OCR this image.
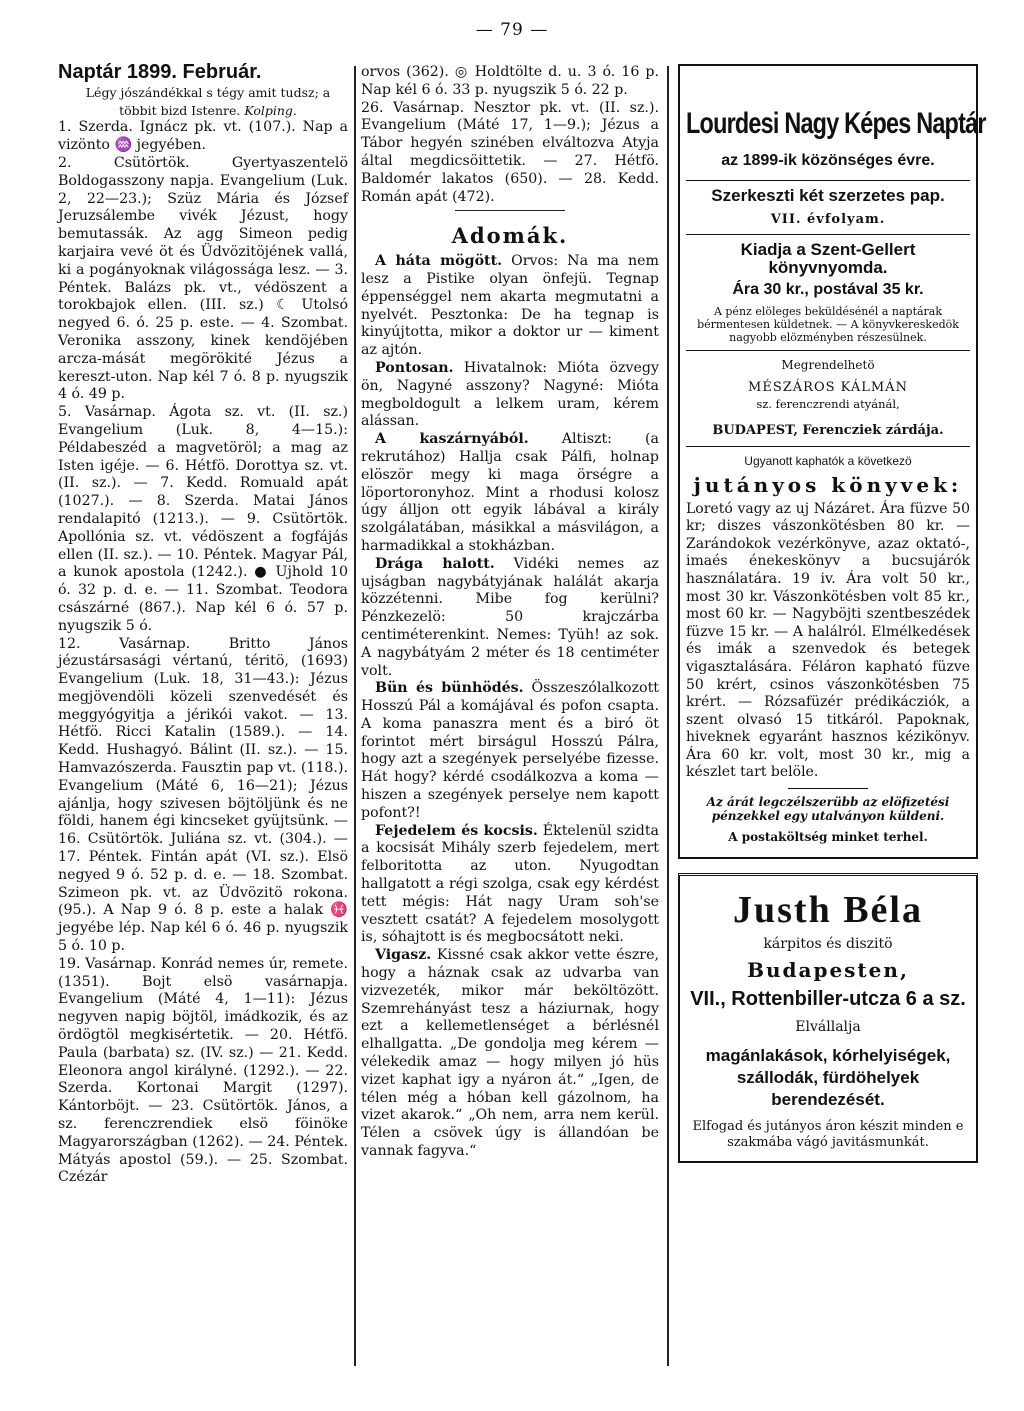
— 79 —
Naptár 1899. Február.

Légy jószándékkal s tégy amit tudsz; a többit bizd Istenre. Kolping.

1. Szerda. Ignácz pk. vt. (107.). Nap a vizönto ♒ jegyében.

2. Csütörtök. Gyertyaszentelö Boldogasszony napja. Evangelium (Luk. 2, 22—23.); Szüz Mária és József Jeruzsálembe vivék Jézust, hogy bemutassák. Az agg Simeon pedig karjaira vevé öt és Üdvözitöjének vallá, ki a pogányoknak világossága lesz. — 3. Péntek. Balázs pk. vt., védöszent a torokbajok ellen. (III. sz.) ☾ Utolsó negyed 6. ó. 25 p. este. — 4. Szombat. Veronika asszony, kinek kendöjében arcza-mását megörökité Jézus a kereszt-uton. Nap kél 7 ó. 8 p. nyugszik 4 ó. 49 p.

5. Vasárnap. Ágota sz. vt. (II. sz.) Evangelium (Luk. 8, 4—15.): Példabeszéd a magvetöröl; a mag az Isten igéje. — 6. Hétfö. Dorottya sz. vt. (II. sz.). — 7. Kedd. Romuald apát (1027.). — 8. Szerda. Matai János rendalapitó (1213.). — 9. Csütörtök. Apollónia sz. vt. védöszent a fogfájás ellen (II. sz.). — 10. Péntek. Magyar Pál, a kunok apostola (1242.). ● Ujhold 10 ó. 32 p. d. e. — 11. Szombat. Teodora császárné (867.). Nap kél 6 ó. 57 p. nyugszik 5 ó.

12. Vasárnap. Britto János jézustársasági vértanú, téritö, (1693) Evangelium (Luk. 18, 31—43.): Jézus megjövendöli közeli szenvedését és meggyógyitja a jérikói vakot. — 13. Hétfö. Ricci Katalin (1589.). — 14. Kedd. Hushagyó. Bálint (II. sz.). — 15. Hamvazószerda. Fausztin pap vt. (118.). Evangelium (Máté 6, 16—21); Jézus ajánlja, hogy szivesen böjtöljünk és ne földi, hanem égi kincseket gyüjtsünk. — 16. Csütörtök. Juliána sz. vt. (304.). — 17. Péntek. Fintán apát (VI. sz.). Elsö negyed 9 ó. 52 p. d. e. — 18. Szombat. Szimeon pk. vt. az Üdvözitö rokona. (95.). A Nap 9 ó. 8 p. este a halak ♓ jegyébe lép. Nap kél 6 ó. 46 p. nyugszik 5 ó. 10 p.

19. Vasárnap. Konrád nemes úr, remete. (1351). Bojt elsö vasárnapja. Evangelium (Máté 4, 1—11): Jézus negyven napig böjtöl, imádkozik, és az ördögtöl megkisértetik. — 20. Hétfö. Paula (barbata) sz. (IV. sz.) — 21. Kedd. Eleonora angol királyné. (1292.). — 22. Szerda. Kortonai Margit (1297). Kántorböjt. — 23. Csütörtök. János, a sz. ferenczrendiek elsö föinöke Magyarországban (1262). — 24. Péntek. Mátyás apostol (59.). — 25. Szombat. Czézár

orvos (362). ◎ Holdtölte d. u. 3 ó. 16 p. Nap kél 6 ó. 33 p. nyugszik 5 ó. 22 p.

26. Vasárnap. Nesztor pk. vt. (II. sz.). Evangelium (Máté 17, 1—9.); Jézus a Tábor hegyén szinében elváltozva Atyja által megdicsöittetik. — 27. Hétfö. Baldomér lakatos (650). — 28. Kedd. Román apát (472).

Adomák.

A háta mögött. Orvos: Na ma nem lesz a Pistike olyan önfejü. Tegnap éppenséggel nem akarta megmutatni a nyelvét. Pesztonka: De ha tegnap is kinyújtotta, mikor a doktor ur — kiment az ajtón.

Pontosan. Hivatalnok: Mióta özvegy ön, Nagyné asszony? Nagyné: Mióta megboldogult a lelkem uram, kérem alássan.

A kaszárnyából. Altiszt: (a rekrutához) Hallja csak Pálfi, holnap elöször megy ki maga örségre a löportoronyhoz. Mint a rhodusi kolosz úgy álljon ott egyik lábával a király szolgálatában, másikkal a másvilágon, a harmadikkal a stokházban.

Drága halott. Vidéki nemes az ujságban nagybátyjának halálát akarja közzétenni. Mibe fog kerülni? Pénzkezelö: 50 krajczárba centiméterenkint. Nemes: Tyüh! az sok. A nagybátyám 2 méter és 18 centiméter volt.

Bün és bünhödés. Összeszólalkozott Hosszú Pál a komájával és pofon csapta. A koma panaszra ment és a biró öt forintot mért birságul Hosszú Pálra, hogy azt a szegények perselyébe fizesse. Hát hogy? kérdé csodálkozva a koma — hiszen a szegények perselye nem kapott pofont?!

Fejedelem és kocsis. Éktelenül szidta a kocsisát Mihály szerb fejedelem, mert felboritotta az uton. Nyugodtan hallgatott a régi szolga, csak egy kérdést tett mégis: Hát nagy Uram soh'se vesztett csatát? A fejedelem mosolygott is, sóhajtott is és megbocsátott neki.

Vigasz. Kissné csak akkor vette észre, hogy a háznak csak az udvarba van vizvezeték, mikor már beköltözött. Szemrehányást tesz a háziurnak, hogy ezt a kellemetlenséget a bérlésnél elhallgatta. „De gondolja meg kérem — vélekedik amaz — hogy milyen jó hüs vizet kaphat igy a nyáron át.“ „Igen, de télen még a hóban kell gázolnom, ha vizet akarok.“ „Oh nem, arra nem kerül. Télen a csövek úgy is állandóan be vannak fagyva.“

Lourdesi Nagy Képes Naptár
az 1899-ik közönséges évre.
Szerkeszti két szerzetes pap.
VII. évfolyam.
Kiadja a Szent-Gellert könyvnyomda.
Ára 30 kr., postával 35 kr.
A pénz elöleges beküldésénél a naptárak bérmentesen küldetnek. — A könyvkereskedök nagyobb elözményben részesülnek.
Megrendelhetö
MÉSZÁROS KÁLMÁN
sz. ferenczrendi atyánál,
BUDAPEST, Ferencziek zárdája.
Ugyanott kaphatók a következö
jutányos könyvek:
Loretó vagy az uj Názáret. Ára füzve 50 kr; diszes vászonkötésben 80 kr. — Zarándokok vezérkönyve, azaz oktató-, imaés énekeskönyv a bucsujárók használatára. 19 iv. Ára volt 50 kr., most 30 kr. Vászonkötésben volt 85 kr., most 60 kr. — Nagyböjti szentbeszédek füzve 15 kr. — A halálról. Elmélkedések és imák a szenvedok és betegek vigasztalására. Féláron kapható füzve 50 krért, csinos vászonkötésben 75 krért. — Rózsafüzér prédikácziók, a szent olvasó 15 titkáról. Papoknak, hiveknek egyaránt hasznos kézikönyv. Ára 60 kr. volt, most 30 kr., mig a készlet tart belöle.
Az árát legczélszerübb az elöfizetési pénzekkel egy utalványon küldeni.
A postaköltség minket terhel.
Justh Béla
kárpitos és diszitö
Budapesten,
VII., Rottenbiller-utcza 6 a sz.
Elvállalja
magánlakások, kórhelyiségek, szállodák, fürdöhelyek berendezését.
Elfogad és jutányos áron készit minden e szakmába vágó javitásmunkát.
